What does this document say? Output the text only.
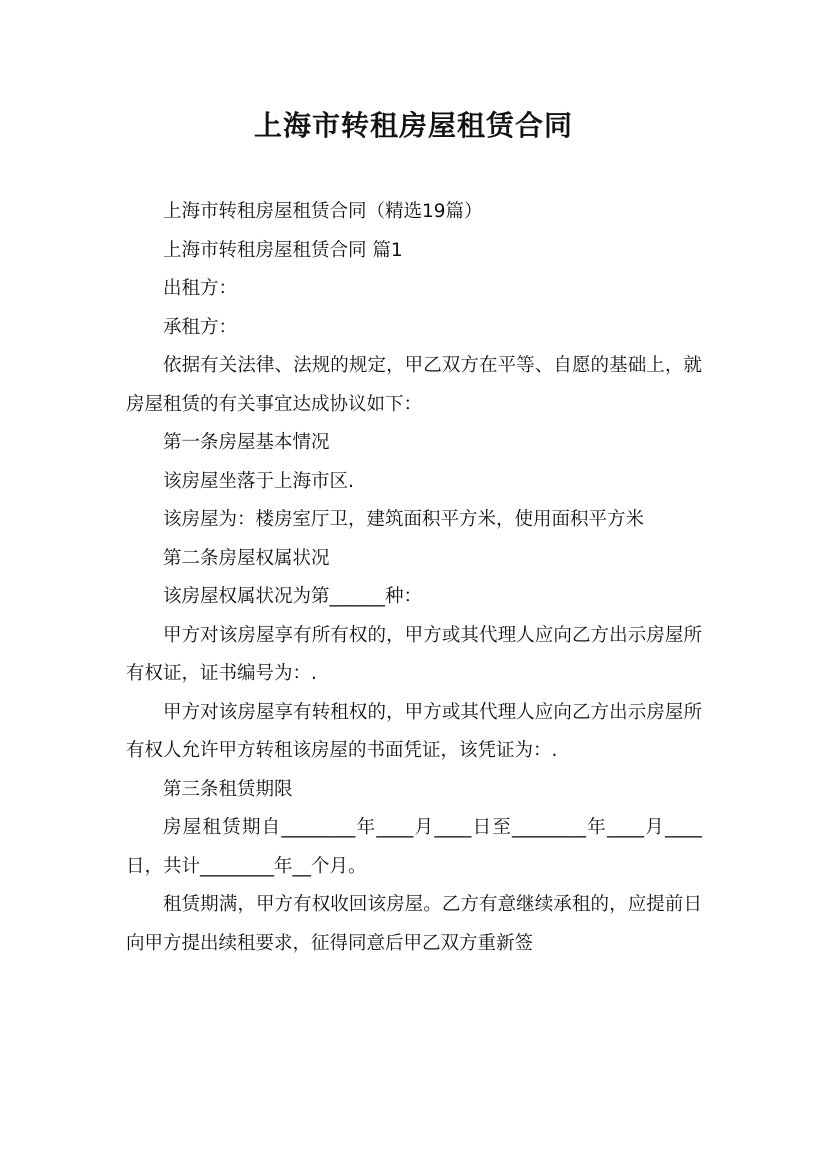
上海市转租房屋租赁合同

上海市转租房屋租赁合同（精选19篇）

上海市转租房屋租赁合同 篇1

出租方：

承租方：

依据有关法律、法规的规定，甲乙双方在平等、自愿的基础上，就房屋租赁的有关事宜达成协议如下：

第一条房屋基本情况

该房屋坐落于上海市区.

该房屋为：楼房室厅卫，建筑面积平方米，使用面积平方米

第二条房屋权属状况

该房屋权属状况为第______种：

甲方对该房屋享有所有权的，甲方或其代理人应向乙方出示房屋所有权证，证书编号为：.

甲方对该房屋享有转租权的，甲方或其代理人应向乙方出示房屋所有权人允许甲方转租该房屋的书面凭证，该凭证为：.

第三条租赁期限

房屋租赁期自________年____月____日至________年____月____日，共计________年__个月。

租赁期满，甲方有权收回该房屋。乙方有意继续承租的，应提前日向甲方提出续租要求，征得同意后甲乙双方重新签
